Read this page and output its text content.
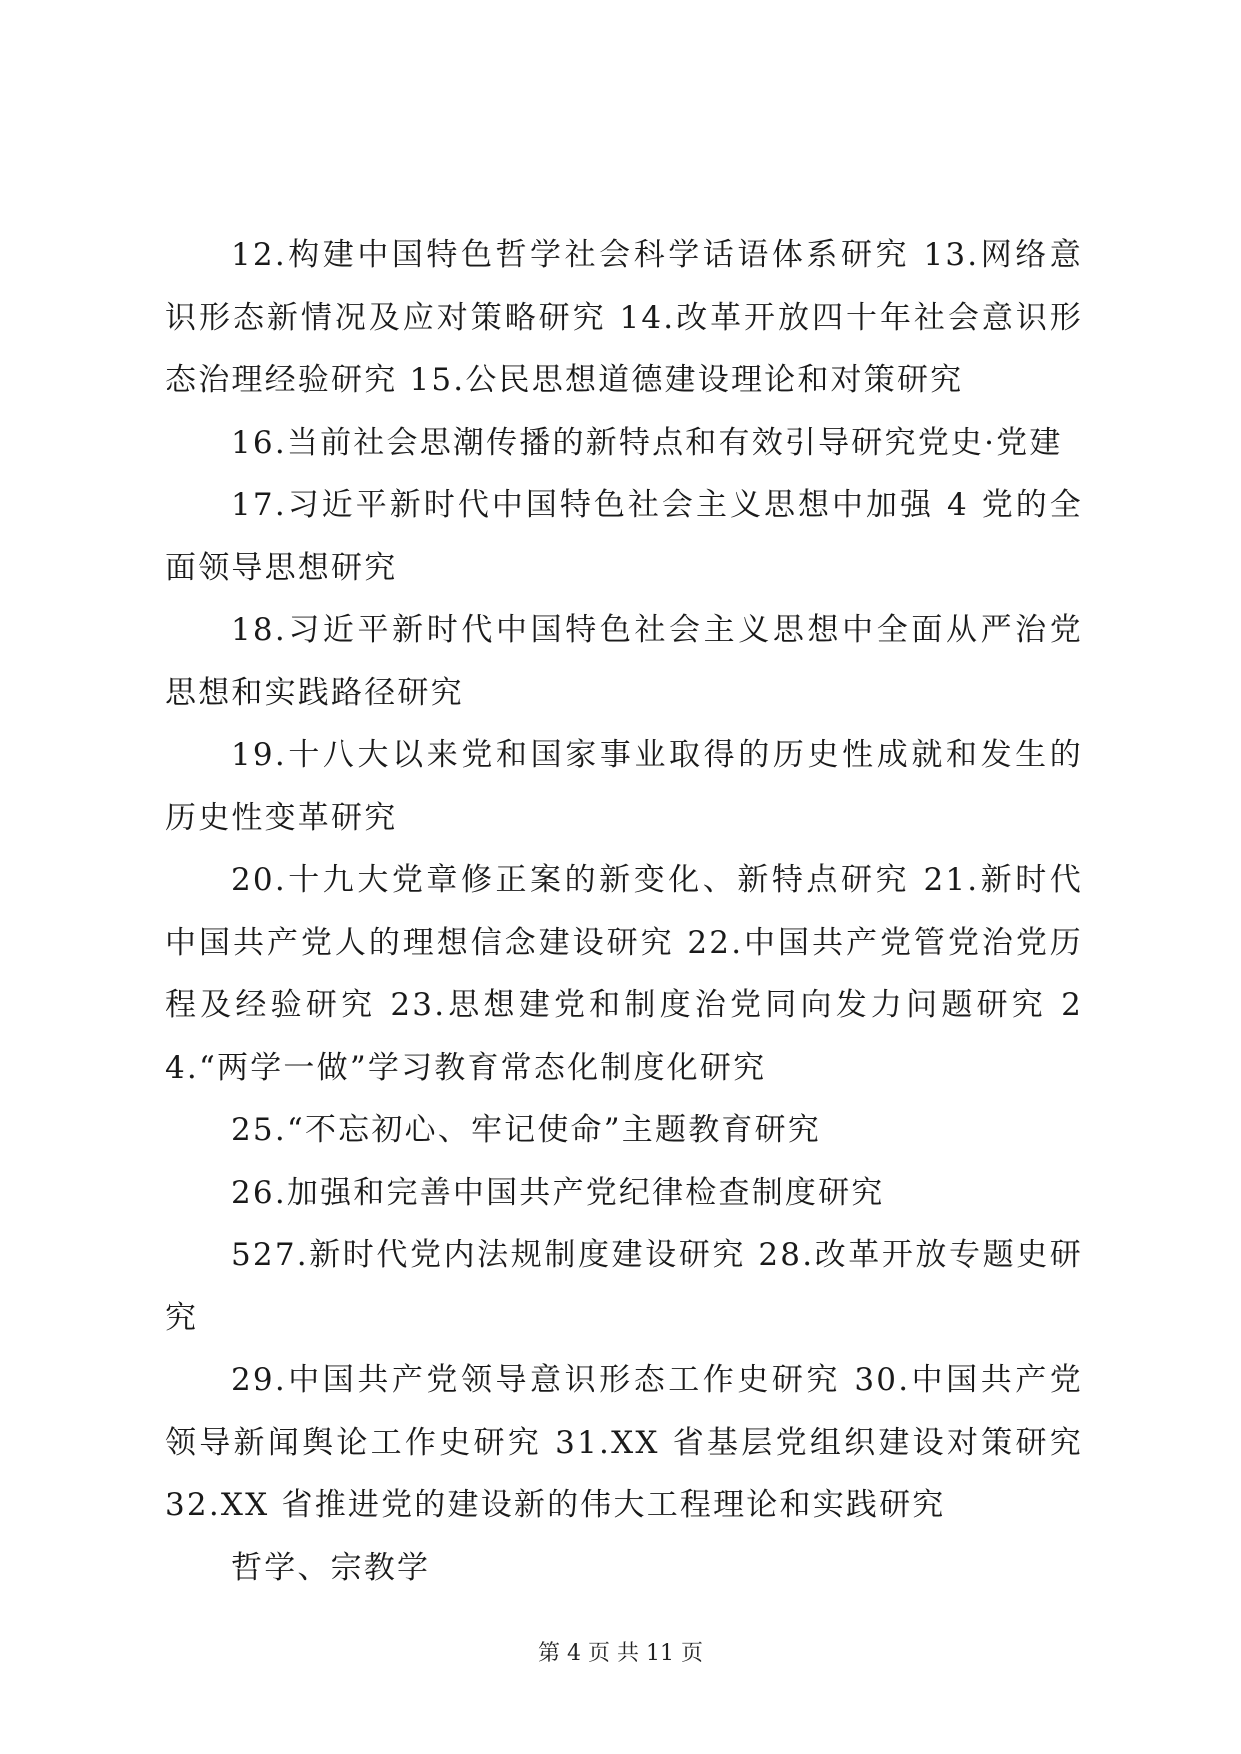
12.构建中国特色哲学社会科学话语体系研究 13.网络意识形态新情况及应对策略研究 14.改革开放四十年社会意识形态治理经验研究 15.公民思想道德建设理论和对策研究

16.当前社会思潮传播的新特点和有效引导研究党史·党建

17.习近平新时代中国特色社会主义思想中加强 4 党的全面领导思想研究

18.习近平新时代中国特色社会主义思想中全面从严治党思想和实践路径研究

19.十八大以来党和国家事业取得的历史性成就和发生的历史性变革研究

20.十九大党章修正案的新变化、新特点研究 21.新时代中国共产党人的理想信念建设研究 22.中国共产党管党治党历程及经验研究 23.思想建党和制度治党同向发力问题研究 24.“两学一做”学习教育常态化制度化研究

25.“不忘初心、牢记使命”主题教育研究

26.加强和完善中国共产党纪律检查制度研究

527.新时代党内法规制度建设研究 28.改革开放专题史研究

29.中国共产党领导意识形态工作史研究 30.中国共产党领导新闻舆论工作史研究 31.XX 省基层党组织建设对策研究 32.XX 省推进党的建设新的伟大工程理论和实践研究

哲学、宗教学

第 4 页 共 11 页
